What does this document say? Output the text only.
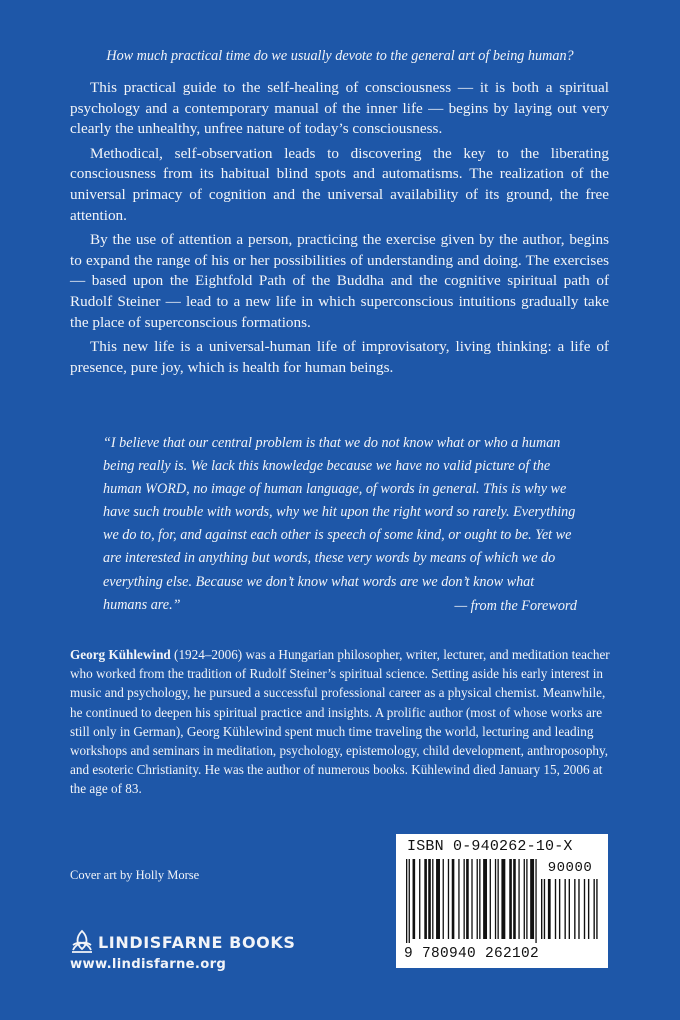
How much practical time do we usually devote to the general art of being human?

This practical guide to the self-healing of consciousness — it is both a spiritual psychology and a contemporary manual of the inner life — begins by laying out very clearly the unhealthy, unfree nature of today’s consciousness.

Methodical, self-observation leads to discovering the key to the liberating consciousness from its habitual blind spots and automatisms. The realization of the universal primacy of cognition and the universal availability of its ground, the free attention.

By the use of attention a person, practicing the exercise given by the author, begins to expand the range of his or her possibilities of understanding and doing. The exercises — based upon the Eightfold Path of the Buddha and the cognitive spiritual path of Rudolf Steiner — lead to a new life in which superconscious intuitions gradually take the place of superconscious formations.

This new life is a universal-human life of improvisatory, living thinking: a life of presence, pure joy, which is health for human beings.

“I believe that our central problem is that we do not know what or who a human being really is. We lack this knowledge because we have no valid picture of the human WORD, no image of human language, of words in general. This is why we have such trouble with words, why we hit upon the right word so rarely. Everything we do to, for, and against each other is speech of some kind, or ought to be. Yet we are interested in anything but words, these very words by means of which we do everything else. Because we don’t know what words are we don’t know what humans are.”	— from the Foreword

Georg Kühlewind (1924–2006) was a Hungarian philosopher, writer, lecturer, and meditation teacher who worked from the tradition of Rudolf Steiner’s spiritual science. Setting aside his early interest in music and psychology, he pursued a successful professional career as a physical chemist. Meanwhile, he continued to deepen his spiritual practice and insights. A prolific author (most of whose works are still only in German), Georg Kühlewind spent much time traveling the world, lecturing and leading workshops and seminars in meditation, psychology, epistemology, child development, anthroposophy, and esoteric Christianity. He was the author of numerous books. Kühlewind died January 15, 2006 at the age of 83.

Cover art by Holly Morse
LINDISFARNE BOOKS
www.lindisfarne.org
ISBN 0-940262-10-X
90000
9 780940 262102
